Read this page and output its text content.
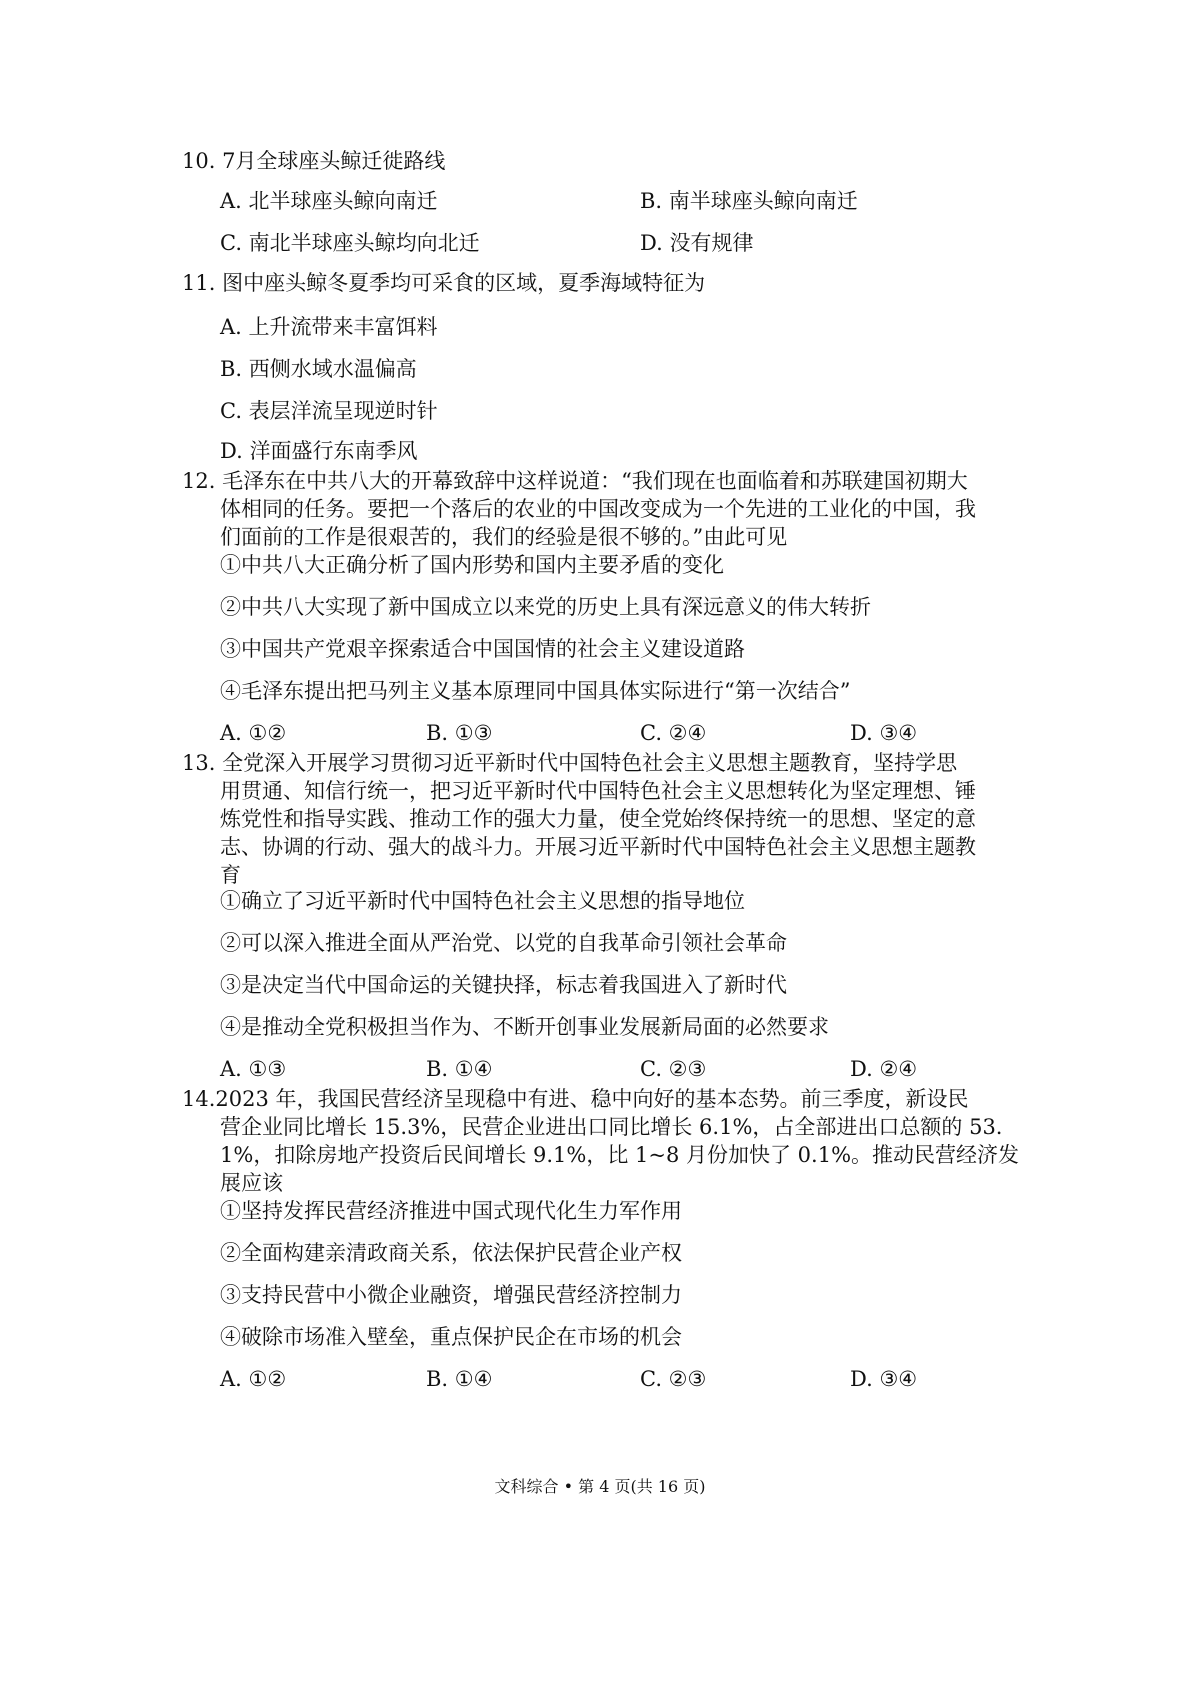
10. 7月全球座头鲸迁徙路线
A. 北半球座头鲸向南迁	B. 南半球座头鲸向南迁
C. 南北半球座头鲸均向北迁	D. 没有规律
11. 图中座头鲸冬夏季均可采食的区域，夏季海域特征为
A. 上升流带来丰富饵料
B. 西侧水域水温偏高
C. 表层洋流呈现逆时针
D. 洋面盛行东南季风
12. 毛泽东在中共八大的开幕致辞中这样说道：“我们现在也面临着和苏联建国初期大
体相同的任务。要把一个落后的农业的中国改变成为一个先进的工业化的中国，我
们面前的工作是很艰苦的，我们的经验是很不够的。”由此可见
①中共八大正确分析了国内形势和国内主要矛盾的变化
②中共八大实现了新中国成立以来党的历史上具有深远意义的伟大转折
③中国共产党艰辛探索适合中国国情的社会主义建设道路
④毛泽东提出把马列主义基本原理同中国具体实际进行“第一次结合”
A. ①②	B. ①③	C. ②④	D. ③④
13. 全党深入开展学习贯彻习近平新时代中国特色社会主义思想主题教育，坚持学思
用贯通、知信行统一，把习近平新时代中国特色社会主义思想转化为坚定理想、锤
炼党性和指导实践、推动工作的强大力量，使全党始终保持统一的思想、坚定的意
志、协调的行动、强大的战斗力。开展习近平新时代中国特色社会主义思想主题教
育
①确立了习近平新时代中国特色社会主义思想的指导地位
②可以深入推进全面从严治党、以党的自我革命引领社会革命
③是决定当代中国命运的关键抉择，标志着我国进入了新时代
④是推动全党积极担当作为、不断开创事业发展新局面的必然要求
A. ①③	B. ①④	C. ②③	D. ②④
14.2023 年，我国民营经济呈现稳中有进、稳中向好的基本态势。前三季度，新设民
营企业同比增长 15.3%，民营企业进出口同比增长 6.1%，占全部进出口总额的 53.
1%，扣除房地产投资后民间增长 9.1%，比 1~8 月份加快了 0.1%。推动民营经济发
展应该
①坚持发挥民营经济推进中国式现代化生力军作用
②全面构建亲清政商关系，依法保护民营企业产权
③支持民营中小微企业融资，增强民营经济控制力
④破除市场准入壁垒，重点保护民企在市场的机会
A. ①②	B. ①④	C. ②③	D. ③④
文科综合 • 第 4 页(共 16 页)
